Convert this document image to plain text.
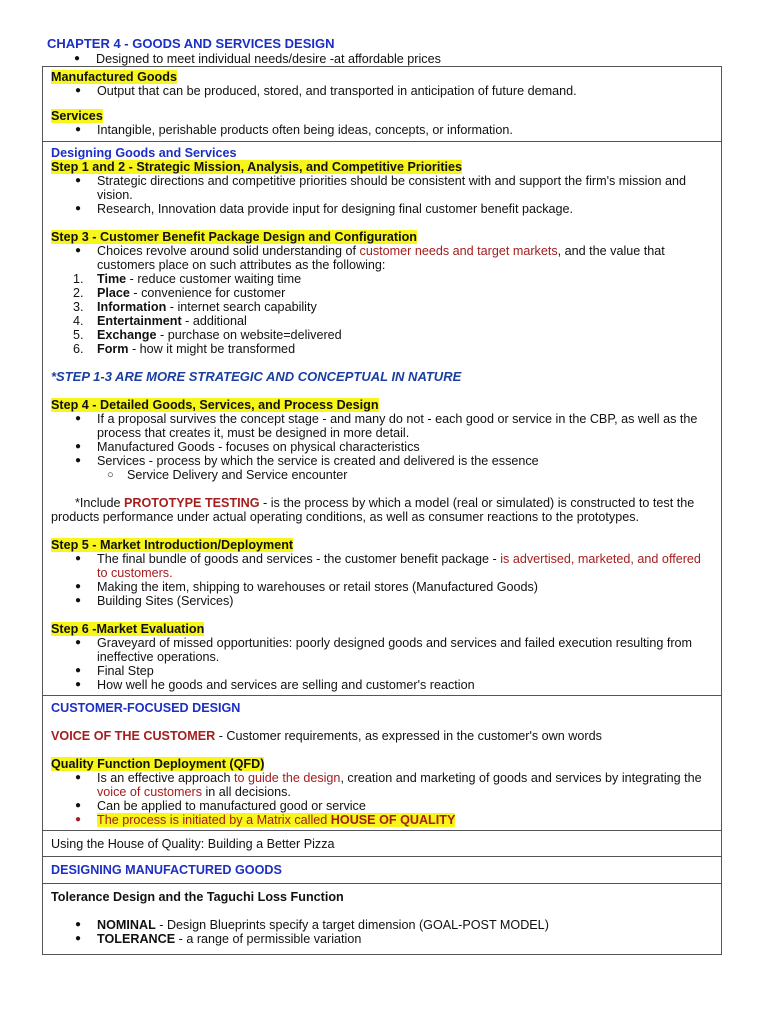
CHAPTER 4 - GOODS AND SERVICES DESIGN
● Designed to meet individual needs/desire -at affordable prices
Manufactured Goods
● Output that can be produced, stored, and transported in anticipation of future demand.
Services
● Intangible, perishable products often being ideas, concepts, or information.
Designing Goods and Services
Step 1 and 2 - Strategic Mission, Analysis, and Competitive Priorities
● Strategic directions and competitive priorities should be consistent with and support the firm's mission and vision.
● Research, Innovation data provide input for designing final customer benefit package.
Step 3 - Customer Benefit Package Design and Configuration
● Choices revolve around solid understanding of customer needs and target markets, and the value that customers place on such attributes as the following:
1. Time - reduce customer waiting time
2. Place - convenience for customer
3. Information - internet search capability
4. Entertainment - additional
5. Exchange - purchase on website=delivered
6. Form - how it might be transformed
*STEP 1-3 ARE MORE STRATEGIC AND CONCEPTUAL IN NATURE
Step 4 - Detailed Goods, Services, and Process Design
● If a proposal survives the concept stage - and many do not - each good or service in the CBP, as well as the process that creates it, must be designed in more detail.
● Manufactured Goods - focuses on physical characteristics
● Services - process by which the service is created and delivered is the essence
○ Service Delivery and Service encounter
*Include PROTOTYPE TESTING - is the process by which a model (real or simulated) is constructed to test the products performance under actual operating conditions, as well as consumer reactions to the prototypes.
Step 5 - Market Introduction/Deployment
● The final bundle of goods and services - the customer benefit package - is advertised, marketed, and offered to customers.
● Making the item, shipping to warehouses or retail stores (Manufactured Goods)
● Building Sites (Services)
Step 6 -Market Evaluation
● Graveyard of missed opportunities: poorly designed goods and services and failed execution resulting from ineffective operations.
● Final Step
● How well he goods and services are selling and customer's reaction
CUSTOMER-FOCUSED DESIGN
VOICE OF THE CUSTOMER - Customer requirements, as expressed in the customer's own words
Quality Function Deployment (QFD)
● Is an effective approach to guide the design, creation and marketing of goods and services by integrating the voice of customers in all decisions.
● Can be applied to manufactured good or service
● The process is initiated by a Matrix called HOUSE OF QUALITY
Using the House of Quality: Building a Better Pizza
DESIGNING MANUFACTURED GOODS
Tolerance Design and the Taguchi Loss Function
● NOMINAL - Design Blueprints specify a target dimension (GOAL-POST MODEL)
● TOLERANCE - a range of permissible variation
